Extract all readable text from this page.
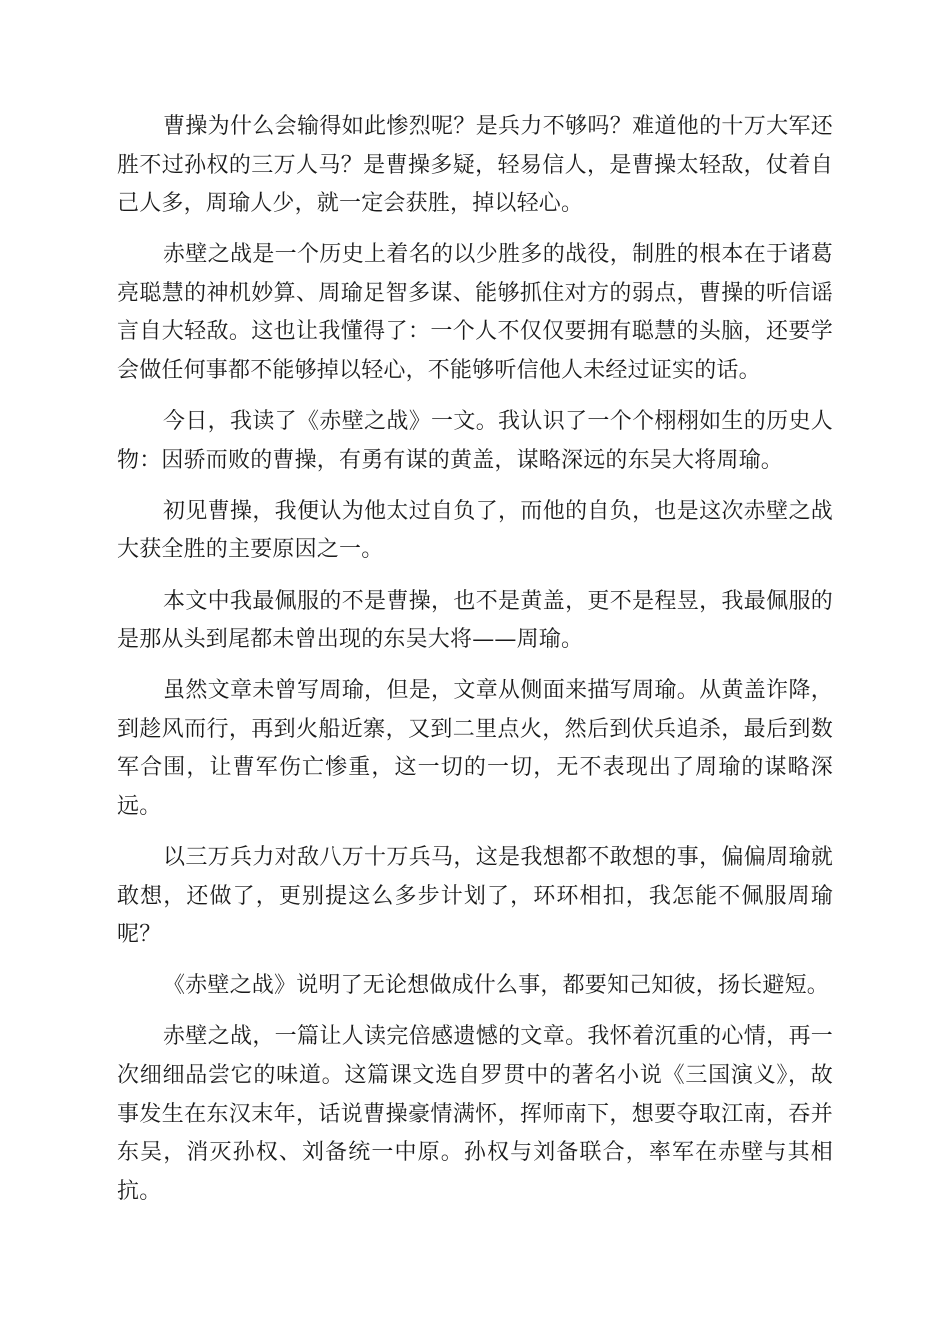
曹操为什么会输得如此惨烈呢？是兵力不够吗？难道他的十万大军还胜不过孙权的三万人马？是曹操多疑，轻易信人，是曹操太轻敌，仗着自己人多，周瑜人少，就一定会获胜，掉以轻心。

赤壁之战是一个历史上着名的以少胜多的战役，制胜的根本在于诸葛亮聪慧的神机妙算、周瑜足智多谋、能够抓住对方的弱点，曹操的听信谣言自大轻敌。这也让我懂得了：一个人不仅仅要拥有聪慧的头脑，还要学会做任何事都不能够掉以轻心，不能够听信他人未经过证实的话。

今日，我读了《赤壁之战》一文。我认识了一个个栩栩如生的历史人物：因骄而败的曹操，有勇有谋的黄盖，谋略深远的东吴大将周瑜。

初见曹操，我便认为他太过自负了，而他的自负，也是这次赤壁之战大获全胜的主要原因之一。

本文中我最佩服的不是曹操，也不是黄盖，更不是程昱，我最佩服的是那从头到尾都未曾出现的东吴大将——周瑜。

虽然文章未曾写周瑜，但是，文章从侧面来描写周瑜。从黄盖诈降，到趁风而行，再到火船近寨，又到二里点火，然后到伏兵追杀，最后到数军合围，让曹军伤亡惨重，这一切的一切，无不表现出了周瑜的谋略深远。

以三万兵力对敌八万十万兵马，这是我想都不敢想的事，偏偏周瑜就敢想，还做了，更别提这么多步计划了，环环相扣，我怎能不佩服周瑜呢？

《赤壁之战》说明了无论想做成什么事，都要知己知彼，扬长避短。

赤壁之战，一篇让人读完倍感遗憾的文章。我怀着沉重的心情，再一次细细品尝它的味道。这篇课文选自罗贯中的著名小说《三国演义》，故事发生在东汉末年，话说曹操豪情满怀，挥师南下，想要夺取江南，吞并东吴，消灭孙权、刘备统一中原。孙权与刘备联合，率军在赤壁与其相抗。
